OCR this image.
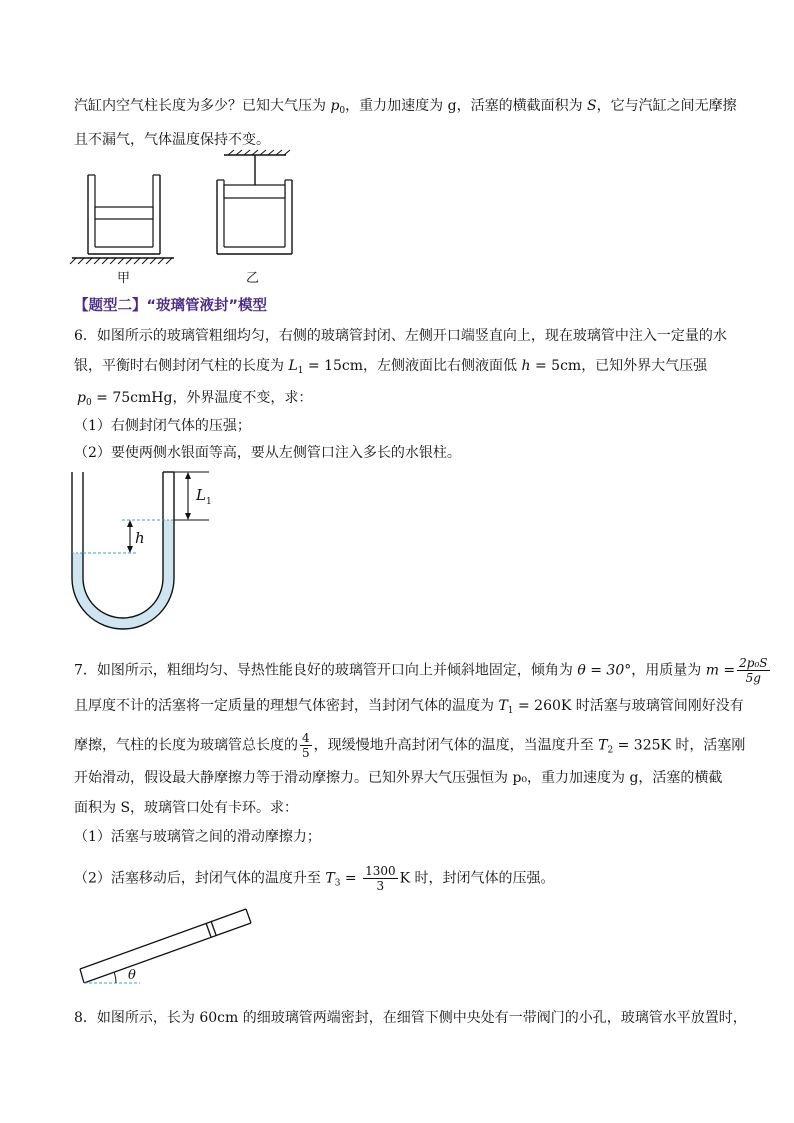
汽缸内空气柱长度为多少？已知大气压为 $p_0$，重力加速度为 g，活塞的横截面积为 S，它与汽缸之间无摩擦
且不漏气，气体温度保持不变。
甲	乙
【题型二】“玻璃管液封”模型
6．如图所示的玻璃管粗细均匀，右侧的玻璃管封闭、左侧开口端竖直向上，现在玻璃管中注入一定量的水
银，平衡时右侧封闭气柱的长度为 $L_1 = 15cm$，左侧液面比右侧液面低 h = 5cm，已知外界大气压强
$p_0$ = 75cmHg，外界温度不变，求：
（1）右侧封闭气体的压强；
（2）要使两侧水银面等高，要从左侧管口注入多长的水银柱。
L 1
h
7．如图所示，粗细均匀、导热性能良好的玻璃管开口向上并倾斜地固定，倾角为 θ = 30°，用质量为 $m = \frac{\text{2p₀S}}{5g}$
且厚度不计的活塞将一定质量的理想气体密封，当封闭气体的温度为 $T_1 = 260K$ 时活塞与玻璃管间刚好没有
摩擦，气柱的长度为玻璃管总长度的 $\frac{4}{5}$ ，现缓慢地升高封闭气体的温度，当温度升至 $T_2 = 325K$ 时，活塞刚
开始滑动，假设最大静摩擦力等于滑动摩擦力。已知外界大气压强恒为 p₀，重力加速度为 g，活塞的横截
面积为 S，玻璃管口处有卡环。求：
（1）活塞与玻璃管之间的滑动摩擦力；
（2）活塞移动后，封闭气体的温度升至 $T_3 = \frac{1300}{3}$ K 时，封闭气体的压强。
θ
8．如图所示，长为 60cm 的细玻璃管两端密封，在细管下侧中央处有一带阀门的小孔，玻璃管水平放置时，
